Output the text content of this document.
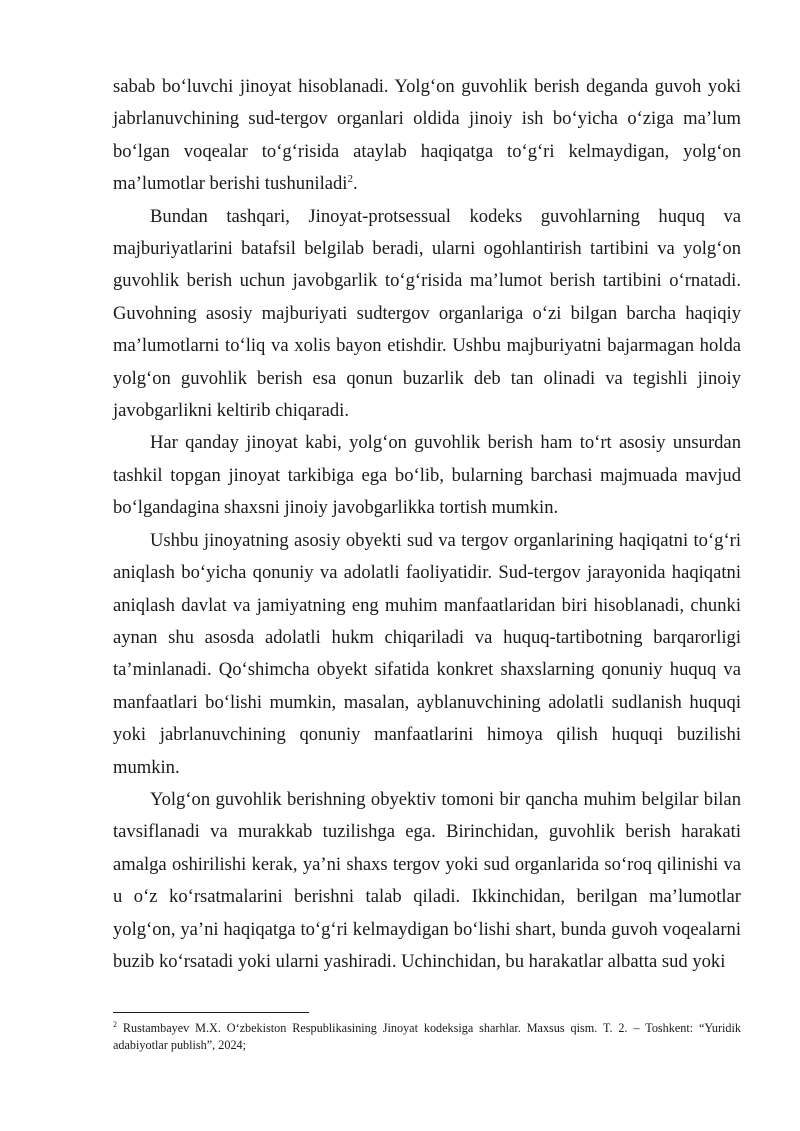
sabab bo‘luvchi jinoyat hisoblanadi. Yolg‘on guvohlik berish deganda guvoh yoki jabrlanuvchining sud-tergov organlari oldida jinoiy ish bo‘yicha o‘ziga ma’lum bo‘lgan voqealar to‘g‘risida ataylab haqiqatga to‘g‘ri kelmaydigan, yolg‘on ma’lumotlar berishi tushuniladi$^2$.

Bundan tashqari, Jinoyat-protsessual kodeks guvohlarning huquq va majburiyatlarini batafsil belgilab beradi, ularni ogohlantirish tartibini va yolg‘on guvohlik berish uchun javobgarlik to‘g‘risida ma’lumot berish tartibini o‘rnatadi. Guvohning asosiy majburiyati sudtergov organlariga o‘zi bilgan barcha haqiqiy ma’lumotlarni to‘liq va xolis bayon etishdir. Ushbu majburiyatni bajarmagan holda yolg‘on guvohlik berish esa qonun buzarlik deb tan olinadi va tegishli jinoiy javobgarlikni keltirib chiqaradi.

Har qanday jinoyat kabi, yolg‘on guvohlik berish ham to‘rt asosiy unsurdan tashkil topgan jinoyat tarkibiga ega bo‘lib, bularning barchasi majmuada mavjud bo‘lgandagina shaxsni jinoiy javobgarlikka tortish mumkin.

Ushbu jinoyatning asosiy obyekti sud va tergov organlarining haqiqatni to‘g‘ri aniqlash bo‘yicha qonuniy va adolatli faoliyatidir. Sud-tergov jarayonida haqiqatni aniqlash davlat va jamiyatning eng muhim manfaatlaridan biri hisoblanadi, chunki aynan shu asosda adolatli hukm chiqariladi va huquq-tartibotning barqarorligi ta’minlanadi. Qo‘shimcha obyekt sifatida konkret shaxslarning qonuniy huquq va manfaatlari bo‘lishi mumkin, masalan, ayblanuvchining adolatli sudlanish huquqi yoki jabrlanuvchining qonuniy manfaatlarini himoya qilish huquqi buzilishi mumkin.

Yolg‘on guvohlik berishning obyektiv tomoni bir qancha muhim belgilar bilan tavsiflanadi va murakkab tuzilishga ega. Birinchidan, guvohlik berish harakati amalga oshirilishi kerak, ya’ni shaxs tergov yoki sud organlarida so‘roq qilinishi va u o‘z ko‘rsatmalarini berishni talab qiladi. Ikkinchidan, berilgan ma’lumotlar yolg‘on, ya’ni haqiqatga to‘g‘ri kelmaydigan bo‘lishi shart, bunda guvoh voqealarni buzib ko‘rsatadi yoki ularni yashiradi. Uchinchidan, bu harakatlar albatta sud yoki

$^2$ Rustambayev M.X. O‘zbekiston Respublikasining Jinoyat kodeksiga sharhlar. Maxsus qism. T. 2. – Toshkent: “Yuridik adabiyotlar publish”, 2024;
